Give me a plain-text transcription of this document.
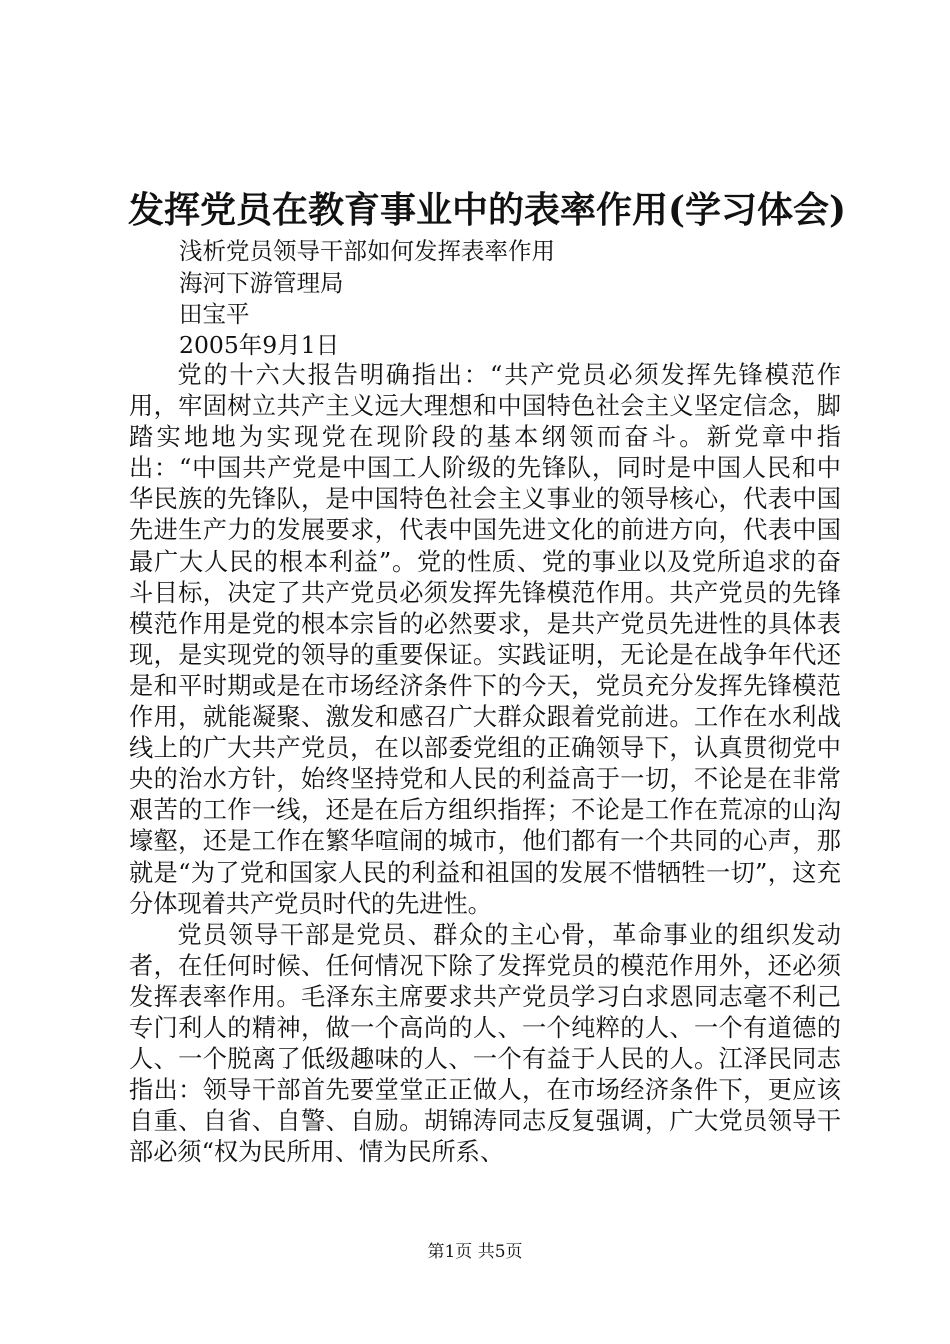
发挥党员在教育事业中的表率作用(学习体会)
浅析党员领导干部如何发挥表率作用
海河下游管理局
田宝平
2005年9月1日

党的十六大报告明确指出：“共产党员必须发挥先锋模范作用，牢固树立共产主义远大理想和中国特色社会主义坚定信念，脚踏实地地为实现党在现阶段的基本纲领而奋斗。新党章中指出：“中国共产党是中国工人阶级的先锋队，同时是中国人民和中华民族的先锋队，是中国特色社会主义事业的领导核心，代表中国先进生产力的发展要求，代表中国先进文化的前进方向，代表中国最广大人民的根本利益”。党的性质、党的事业以及党所追求的奋斗目标，决定了共产党员必须发挥先锋模范作用。共产党员的先锋模范作用是党的根本宗旨的必然要求，是共产党员先进性的具体表现，是实现党的领导的重要保证。实践证明，无论是在战争年代还是和平时期或是在市场经济条件下的今天，党员充分发挥先锋模范作用，就能凝聚、激发和感召广大群众跟着党前进。工作在水利战线上的广大共产党员，在以部委党组的正确领导下，认真贯彻党中央的治水方针，始终坚持党和人民的利益高于一切，不论是在非常艰苦的工作一线，还是在后方组织指挥；不论是工作在荒凉的山沟壕壑，还是工作在繁华喧闹的城市，他们都有一个共同的心声，那就是“为了党和国家人民的利益和祖国的发展不惜牺牲一切”，这充分体现着共产党员时代的先进性。

党员领导干部是党员、群众的主心骨，革命事业的组织发动者，在任何时候、任何情况下除了发挥党员的模范作用外，还必须发挥表率作用。毛泽东主席要求共产党员学习白求恩同志毫不利己专门利人的精神，做一个高尚的人、一个纯粹的人、一个有道德的人、一个脱离了低级趣味的人、一个有益于人民的人。江泽民同志指出：领导干部首先要堂堂正正做人，在市场经济条件下，更应该自重、自省、自警、自励。胡锦涛同志反复强调，广大党员领导干部必须“权为民所用、情为民所系、

第1页 共5页
